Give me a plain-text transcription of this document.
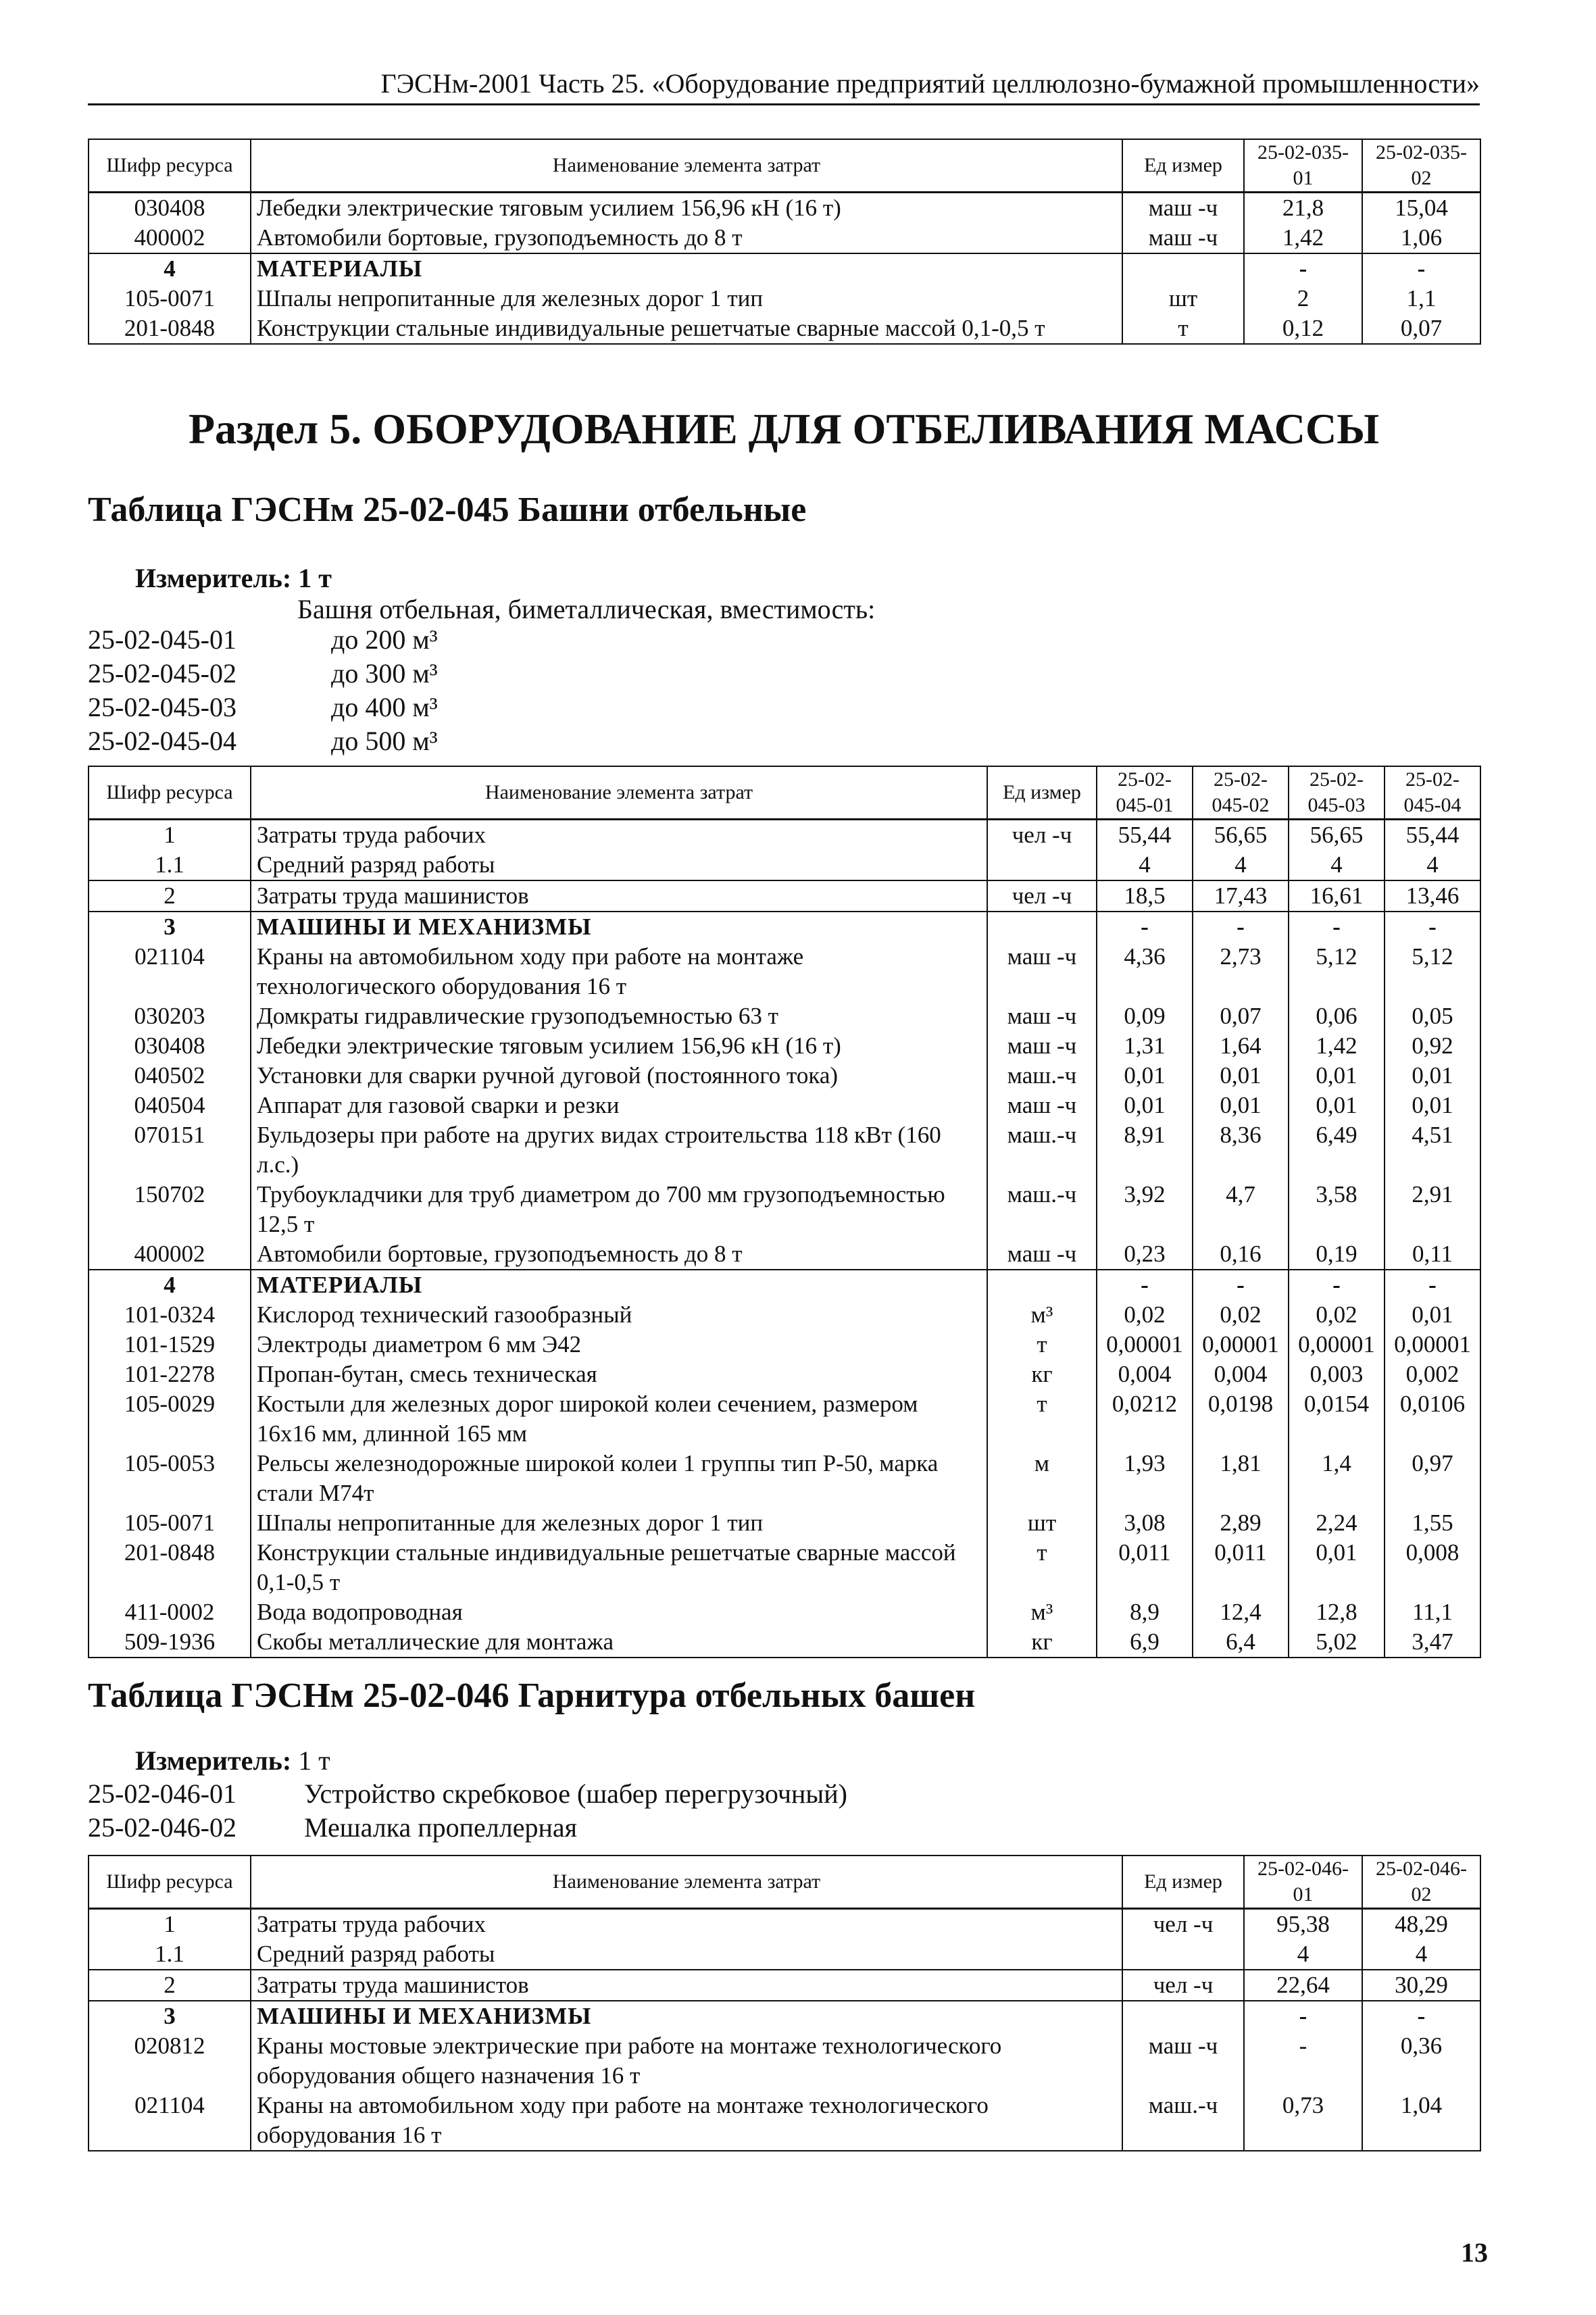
ГЭСНм-2001 Часть 25. «Оборудование предприятий целлюлозно-бумажной промышленности»
Шифр ресурса	Наименование элемента затрат	Ед измер	25-02-035-01	25-02-035-02
030408	Лебедки электрические тяговым усилием 156,96 кН (16 т)	маш -ч	21,8	15,04
400002	Автомобили бортовые, грузоподъемность до 8 т	маш -ч	1,42	1,06
4	МАТЕРИАЛЫ		-	-
105-0071	Шпалы непропитанные для железных дорог 1 тип	шт	2	1,1
201-0848	Конструкции стальные индивидуальные решетчатые сварные массой 0,1-0,5 т	т	0,12	0,07
Раздел 5. ОБОРУДОВАНИЕ ДЛЯ ОТБЕЛИВАНИЯ МАССЫ
Таблица ГЭСНм 25-02-045 Башни отбельные
Измеритель: 1 т
Башня отбельная, биметаллическая, вместимость:
25-02-045-01	до 200 м³
25-02-045-02	до 300 м³
25-02-045-03	до 400 м³
25-02-045-04	до 500 м³
Шифр ресурса	Наименование элемента затрат	Ед измер	25-02-045-01	25-02-045-02	25-02-045-03	25-02-045-04
1	Затраты труда рабочих	чел -ч	55,44	56,65	56,65	55,44
1.1	Средний разряд работы		4	4	4	4
2	Затраты труда машинистов	чел -ч	18,5	17,43	16,61	13,46
3	МАШИНЫ И МЕХАНИЗМЫ		-	-	-	-
021104	Краны на автомобильном ходу при работе на монтаже технологического оборудования 16 т	маш -ч	4,36	2,73	5,12	5,12
030203	Домкраты гидравлические грузоподъемностью 63 т	маш -ч	0,09	0,07	0,06	0,05
030408	Лебедки электрические тяговым усилием 156,96 кН (16 т)	маш -ч	1,31	1,64	1,42	0,92
040502	Установки для сварки ручной дуговой (постоянного тока)	маш.-ч	0,01	0,01	0,01	0,01
040504	Аппарат для газовой сварки и резки	маш -ч	0,01	0,01	0,01	0,01
070151	Бульдозеры при работе на других видах строительства 118 кВт (160 л.с.)	маш.-ч	8,91	8,36	6,49	4,51
150702	Трубоукладчики для труб диаметром до 700 мм грузоподъемностью 12,5 т	маш.-ч	3,92	4,7	3,58	2,91
400002	Автомобили бортовые, грузоподъемность до 8 т	маш -ч	0,23	0,16	0,19	0,11
4	МАТЕРИАЛЫ		-	-	-	-
101-0324	Кислород технический газообразный	м³	0,02	0,02	0,02	0,01
101-1529	Электроды диаметром 6 мм Э42	т	0,00001	0,00001	0,00001	0,00001
101-2278	Пропан-бутан, смесь техническая	кг	0,004	0,004	0,003	0,002
105-0029	Костыли для железных дорог широкой колеи сечением, размером 16х16 мм, длинной 165 мм	т	0,0212	0,0198	0,0154	0,0106
105-0053	Рельсы железнодорожные широкой колеи 1 группы тип Р-50, марка стали М74т	м	1,93	1,81	1,4	0,97
105-0071	Шпалы непропитанные для железных дорог 1 тип	шт	3,08	2,89	2,24	1,55
201-0848	Конструкции стальные индивидуальные решетчатые сварные массой 0,1-0,5 т	т	0,011	0,011	0,01	0,008
411-0002	Вода водопроводная	м³	8,9	12,4	12,8	11,1
509-1936	Скобы металлические для монтажа	кг	6,9	6,4	5,02	3,47
Таблица ГЭСНм 25-02-046 Гарнитура отбельных башен
Измеритель: 1 т
25-02-046-01	Устройство скребковое (шабер перегрузочный)
25-02-046-02	Мешалка пропеллерная
Шифр ресурса	Наименование элемента затрат	Ед измер	25-02-046-01	25-02-046-02
1	Затраты труда рабочих	чел -ч	95,38	48,29
1.1	Средний разряд работы		4	4
2	Затраты труда машинистов	чел -ч	22,64	30,29
3	МАШИНЫ И МЕХАНИЗМЫ		-	-
020812	Краны мостовые электрические при работе на монтаже технологического оборудования общего назначения 16 т	маш -ч	-	0,36
021104	Краны на автомобильном ходу при работе на монтаже технологического оборудования 16 т	маш.-ч	0,73	1,04
13
